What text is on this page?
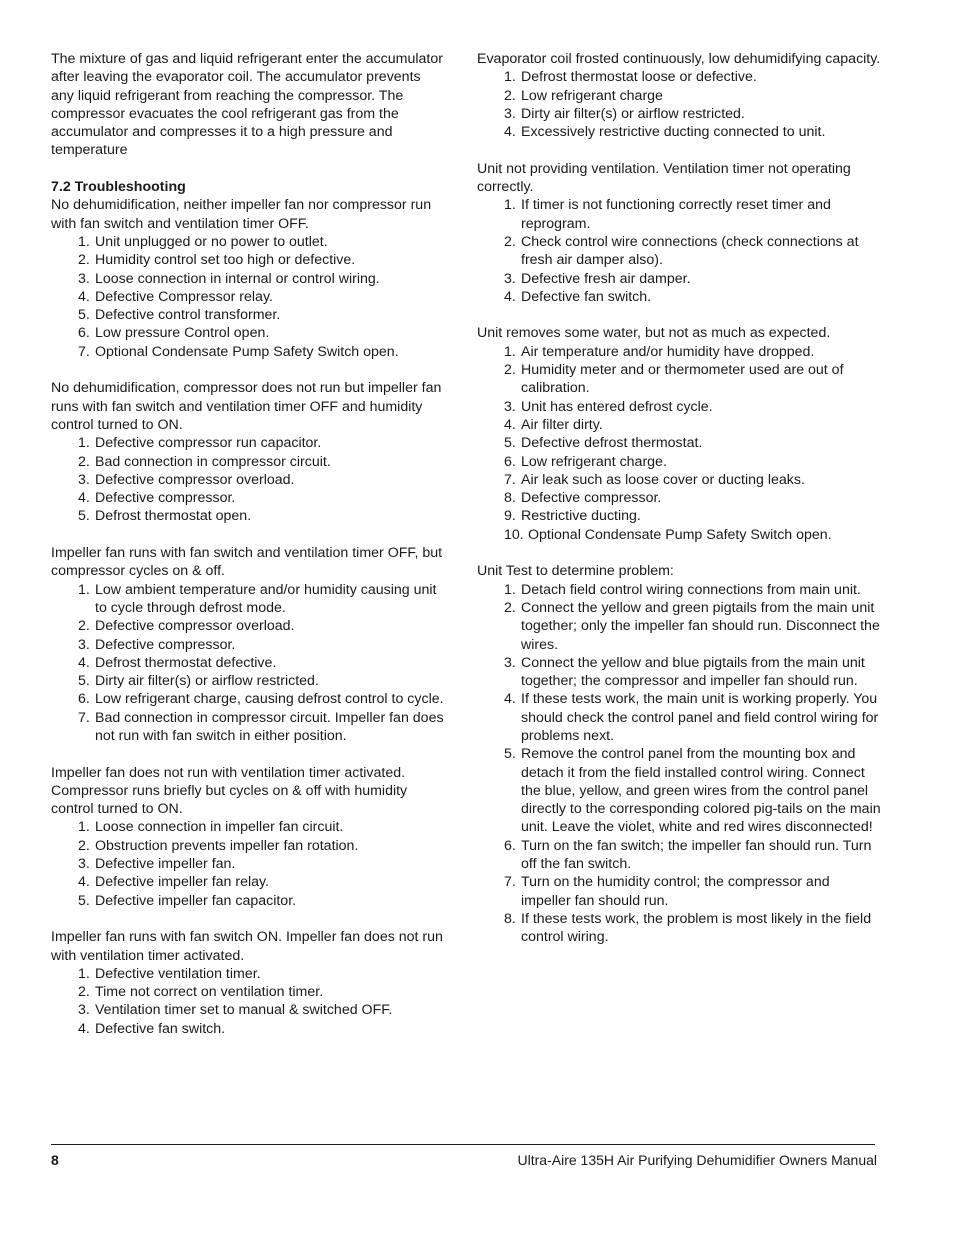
The mixture of gas and liquid refrigerant enter the accumulator after leaving the evaporator coil. The accumulator prevents any liquid refrigerant from reaching the compressor. The compressor evacuates the cool refrigerant gas from the accumulator and compresses it to a high pressure and temperature

7.2 Troubleshooting

No dehumidification, neither impeller fan nor compressor run with fan switch and ventilation timer OFF.

1. Unit unplugged or no power to outlet.
2. Humidity control set too high or defective.
3. Loose connection in internal or control wiring.
4. Defective Compressor relay.
5. Defective control transformer.
6. Low pressure Control open.
7. Optional Condensate Pump Safety Switch open.

No dehumidification, compressor does not run but impeller fan runs with fan switch and ventilation timer OFF and humidity control turned to ON.

1. Defective compressor run capacitor.
2. Bad connection in compressor circuit.
3. Defective compressor overload.
4. Defective compressor.
5. Defrost thermostat open.

Impeller fan runs with fan switch and ventilation timer OFF, but compressor cycles on & off.

1. Low ambient temperature and/or humidity causing unit to cycle through defrost mode.
2. Defective compressor overload.
3. Defective compressor.
4. Defrost thermostat defective.
5. Dirty air filter(s) or airflow restricted.
6. Low refrigerant charge, causing defrost control to cycle.
7. Bad connection in compressor circuit. Impeller fan does not run with fan switch in either position.

Impeller fan does not run with ventilation timer activated. Compressor runs briefly but cycles on & off with humidity control turned to ON.

1. Loose connection in impeller fan circuit.
2. Obstruction prevents impeller fan rotation.
3. Defective impeller fan.
4. Defective impeller fan relay.
5. Defective impeller fan capacitor.

Impeller fan runs with fan switch ON. Impeller fan does not run with ventilation timer activated.

1. Defective ventilation timer.
2. Time not correct on ventilation timer.
3. Ventilation timer set to manual & switched OFF.
4. Defective fan switch.

Evaporator coil frosted continuously, low dehumidifying capacity.

1. Defrost thermostat loose or defective.
2. Low refrigerant charge
3. Dirty air filter(s) or airflow restricted.
4. Excessively restrictive ducting connected to unit.

Unit not providing ventilation. Ventilation timer not operating correctly.

1. If timer is not functioning correctly reset timer and reprogram.
2. Check control wire connections (check connections at fresh air damper also).
3. Defective fresh air damper.
4. Defective fan switch.

Unit removes some water, but not as much as expected.

1. Air temperature and/or humidity have dropped.
2. Humidity meter and or thermometer used are out of calibration.
3. Unit has entered defrost cycle.
4. Air filter dirty.
5. Defective defrost thermostat.
6. Low refrigerant charge.
7. Air leak such as loose cover or ducting leaks.
8. Defective compressor.
9. Restrictive ducting.
10. Optional Condensate Pump Safety Switch open.

Unit Test to determine problem:

1. Detach field control wiring connections from main unit.
2. Connect the yellow and green pigtails from the main unit together; only the impeller fan should run. Disconnect the wires.
3. Connect the yellow and blue pigtails from the main unit together; the compressor and impeller fan should run.
4. If these tests work, the main unit is working properly. You should check the control panel and field control wiring for problems next.
5. Remove the control panel from the mounting box and detach it from the field installed control wiring. Connect the blue, yellow, and green wires from the control panel directly to the corresponding colored pig-tails on the main unit. Leave the violet, white and red wires disconnected!
6. Turn on the fan switch; the impeller fan should run. Turn off the fan switch.
7. Turn on the humidity control; the compressor and impeller fan should run.
8. If these tests work, the problem is most likely in the field control wiring.
8	Ultra-Aire 135H Air Purifying Dehumidifier Owners Manual
